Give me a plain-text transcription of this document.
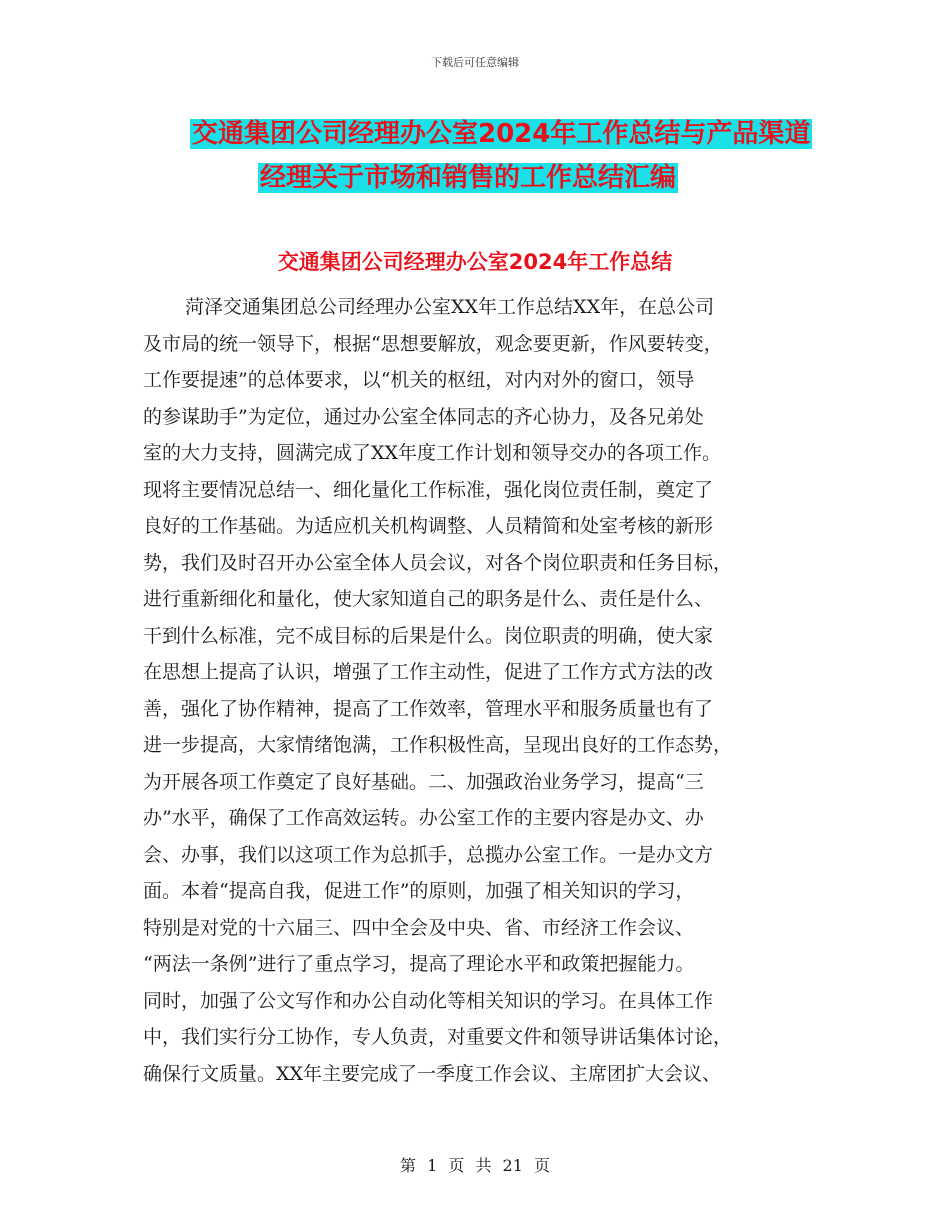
下载后可任意编辑
交通集团公司经理办公室2024年工作总结与产品渠道
经理关于市场和销售的工作总结汇编
交通集团公司经理办公室2024年工作总结
菏泽交通集团总公司经理办公室XX年工作总结XX年，在总公司
及市局的统一领导下，根据“思想要解放，观念要更新，作风要转变，
工作要提速”的总体要求，以“机关的枢纽，对内对外的窗口，领导
的参谋助手”为定位，通过办公室全体同志的齐心协力，及各兄弟处
室的大力支持，圆满完成了XX年度工作计划和领导交办的各项工作。
现将主要情况总结一、细化量化工作标准，强化岗位责任制，奠定了
良好的工作基础。为适应机关机构调整、人员精简和处室考核的新形
势，我们及时召开办公室全体人员会议，对各个岗位职责和任务目标，
进行重新细化和量化，使大家知道自己的职务是什么、责任是什么、
干到什么标准，完不成目标的后果是什么。岗位职责的明确，使大家
在思想上提高了认识，增强了工作主动性，促进了工作方式方法的改
善，强化了协作精神，提高了工作效率，管理水平和服务质量也有了
进一步提高，大家情绪饱满，工作积极性高，呈现出良好的工作态势，
为开展各项工作奠定了良好基础。二、加强政治业务学习，提高“三
办”水平，确保了工作高效运转。办公室工作的主要内容是办文、办
会、办事，我们以这项工作为总抓手，总揽办公室工作。一是办文方
面。本着“提高自我，促进工作”的原则，加强了相关知识的学习，
特别是对党的十六届三、四中全会及中央、省、市经济工作会议、
“两法一条例”进行了重点学习，提高了理论水平和政策把握能力。
同时，加强了公文写作和办公自动化等相关知识的学习。在具体工作
中，我们实行分工协作，专人负责，对重要文件和领导讲话集体讨论，
确保行文质量。XX年主要完成了一季度工作会议、主席团扩大会议、
第 1 页 共 21 页
